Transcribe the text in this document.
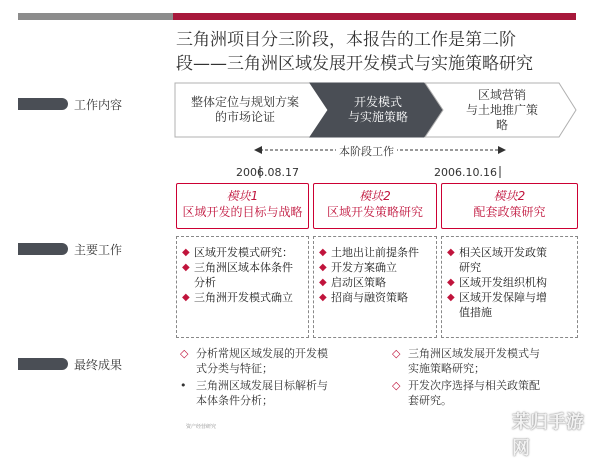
三角洲项目分三阶段，本报告的工作是第二阶
段——三角洲区域发展开发模式与实施策略研究
工作内容
主要工作
最终成果
整体定位与规划方案
的市场论证
开发模式
与实施策略
区域营销
与土地推广策
略
本阶段工作
2006.08.17	2006.10.16
模块1
区域开发的目标与战略
模块2
区域开发策略研究
模块2
配套政策研究
◆ 区域开发模式研究：
◆ 三角洲区域本体条件
分析
◆ 三角洲开发模式确立
◆ 土地出让前提条件
◆ 开发方案确立
◆ 启动区策略
◆ 招商与融资策略
◆ 相关区域开发政策
研究
◆ 区域开发组织机构
◆ 区域开发保障与增
值措施
◇ 分析常规区域发展的开发模
式分类与特征；
• 三角洲区域发展目标解析与
本体条件分析；
◇ 三角洲区域发展开发模式与
实施策略研究；
◇ 开发次序选择与相关政策配
套研究。
资产经营研究	茉归手游网
